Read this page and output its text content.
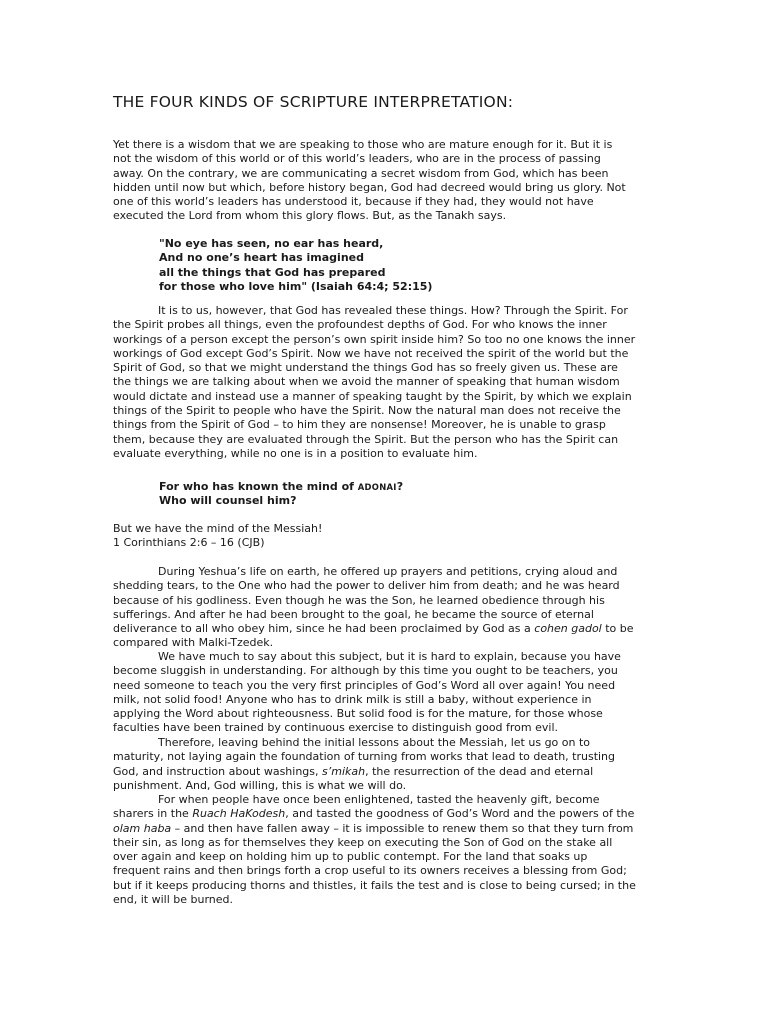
THE FOUR KINDS OF SCRIPTURE INTERPRETATION:
Yet there is a wisdom that we are speaking to those who are mature enough for it. But it is
not the wisdom of this world or of this world’s leaders, who are in the process of passing
away. On the contrary, we are communicating a secret wisdom from God, which has been
hidden until now but which, before history began, God had decreed would bring us glory. Not
one of this world’s leaders has understood it, because if they had, they would not have
executed the Lord from whom this glory flows. But, as the Tanakh says.
"No eye has seen, no ear has heard,
And no one’s heart has imagined
all the things that God has prepared
for those who love him" (Isaiah 64:4; 52:15)
It is to us, however, that God has revealed these things. How? Through the Spirit. For
the Spirit probes all things, even the profoundest depths of God. For who knows the inner
workings of a person except the person’s own spirit inside him? So too no one knows the inner
workings of God except God’s Spirit. Now we have not received the spirit of the world but the
Spirit of God, so that we might understand the things God has so freely given us. These are
the things we are talking about when we avoid the manner of speaking that human wisdom
would dictate and instead use a manner of speaking taught by the Spirit, by which we explain
things of the Spirit to people who have the Spirit. Now the natural man does not receive the
things from the Spirit of God – to him they are nonsense! Moreover, he is unable to grasp
them, because they are evaluated through the Spirit. But the person who has the Spirit can
evaluate everything, while no one is in a position to evaluate him.
For who has known the mind of ADONAI?
Who will counsel him?
But we have the mind of the Messiah!
1 Corinthians 2:6 – 16 (CJB)
During Yeshua’s life on earth, he offered up prayers and petitions, crying aloud and
shedding tears, to the One who had the power to deliver him from death; and he was heard
because of his godliness. Even though he was the Son, he learned obedience through his
sufferings. And after he had been brought to the goal, he became the source of eternal
deliverance to all who obey him, since he had been proclaimed by God as a cohen gadol to be
compared with Malki-Tzedek.
We have much to say about this subject, but it is hard to explain, because you have
become sluggish in understanding. For although by this time you ought to be teachers, you
need someone to teach you the very first principles of God’s Word all over again! You need
milk, not solid food! Anyone who has to drink milk is still a baby, without experience in
applying the Word about righteousness. But solid food is for the mature, for those whose
faculties have been trained by continuous exercise to distinguish good from evil.
Therefore, leaving behind the initial lessons about the Messiah, let us go on to
maturity, not laying again the foundation of turning from works that lead to death, trusting
God, and instruction about washings, s’mikah, the resurrection of the dead and eternal
punishment. And, God willing, this is what we will do.
For when people have once been enlightened, tasted the heavenly gift, become
sharers in the Ruach HaKodesh, and tasted the goodness of God’s Word and the powers of the
olam haba – and then have fallen away – it is impossible to renew them so that they turn from
their sin, as long as for themselves they keep on executing the Son of God on the stake all
over again and keep on holding him up to public contempt. For the land that soaks up
frequent rains and then brings forth a crop useful to its owners receives a blessing from God;
but if it keeps producing thorns and thistles, it fails the test and is close to being cursed; in the
end, it will be burned.
